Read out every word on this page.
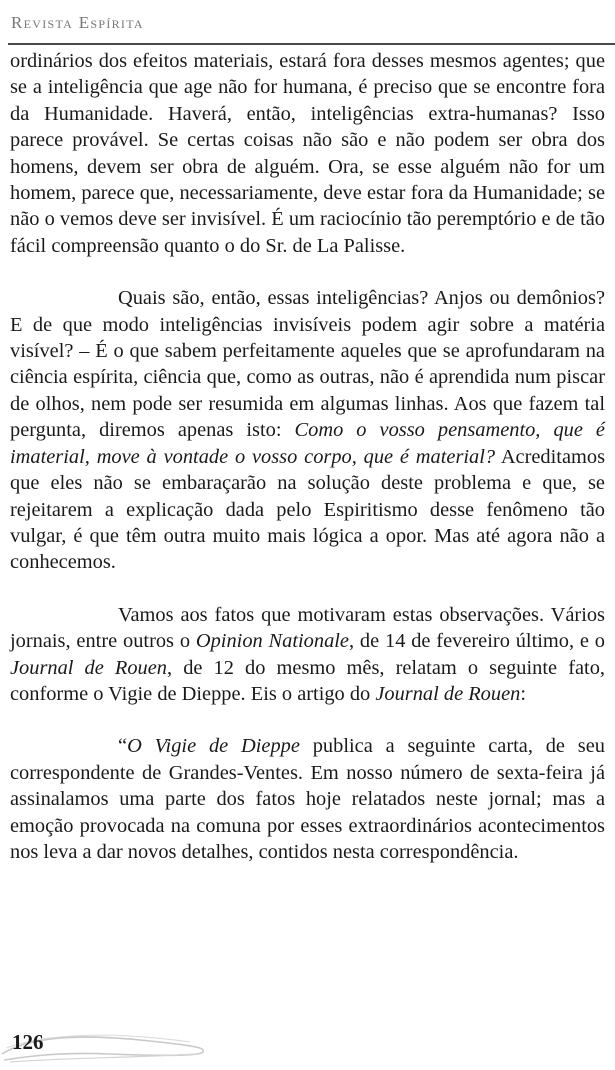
Revista Espírita

ordinários dos efeitos materiais, estará fora desses mesmos agentes; que se a inteligência que age não for humana, é preciso que se encontre fora da Humanidade. Haverá, então, inteligências extra-humanas? Isso parece provável. Se certas coisas não são e não podem ser obra dos homens, devem ser obra de alguém. Ora, se esse alguém não for um homem, parece que, necessariamente, deve estar fora da Humanidade; se não o vemos deve ser invisível. É um raciocínio tão peremptório e de tão fácil compreensão quanto o do Sr. de La Palisse.

Quais são, então, essas inteligências? Anjos ou demônios? E de que modo inteligências invisíveis podem agir sobre a matéria visível? – É o que sabem perfeitamente aqueles que se aprofundaram na ciência espírita, ciência que, como as outras, não é aprendida num piscar de olhos, nem pode ser resumida em algumas linhas. Aos que fazem tal pergunta, diremos apenas isto: Como o vosso pensamento, que é imaterial, move à vontade o vosso corpo, que é material? Acreditamos que eles não se embaraçarão na solução deste problema e que, se rejeitarem a explicação dada pelo Espiritismo desse fenômeno tão vulgar, é que têm outra muito mais lógica a opor. Mas até agora não a conhecemos.

Vamos aos fatos que motivaram estas observações. Vários jornais, entre outros o Opinion Nationale, de 14 de fevereiro último, e o Journal de Rouen, de 12 do mesmo mês, relatam o seguinte fato, conforme o Vigie de Dieppe. Eis o artigo do Journal de Rouen:

“O Vigie de Dieppe publica a seguinte carta, de seu correspondente de Grandes-Ventes. Em nosso número de sexta-feira já assinalamos uma parte dos fatos hoje relatados neste jornal; mas a emoção provocada na comuna por esses extraordinários acontecimentos nos leva a dar novos detalhes, contidos nesta correspondência.

126
